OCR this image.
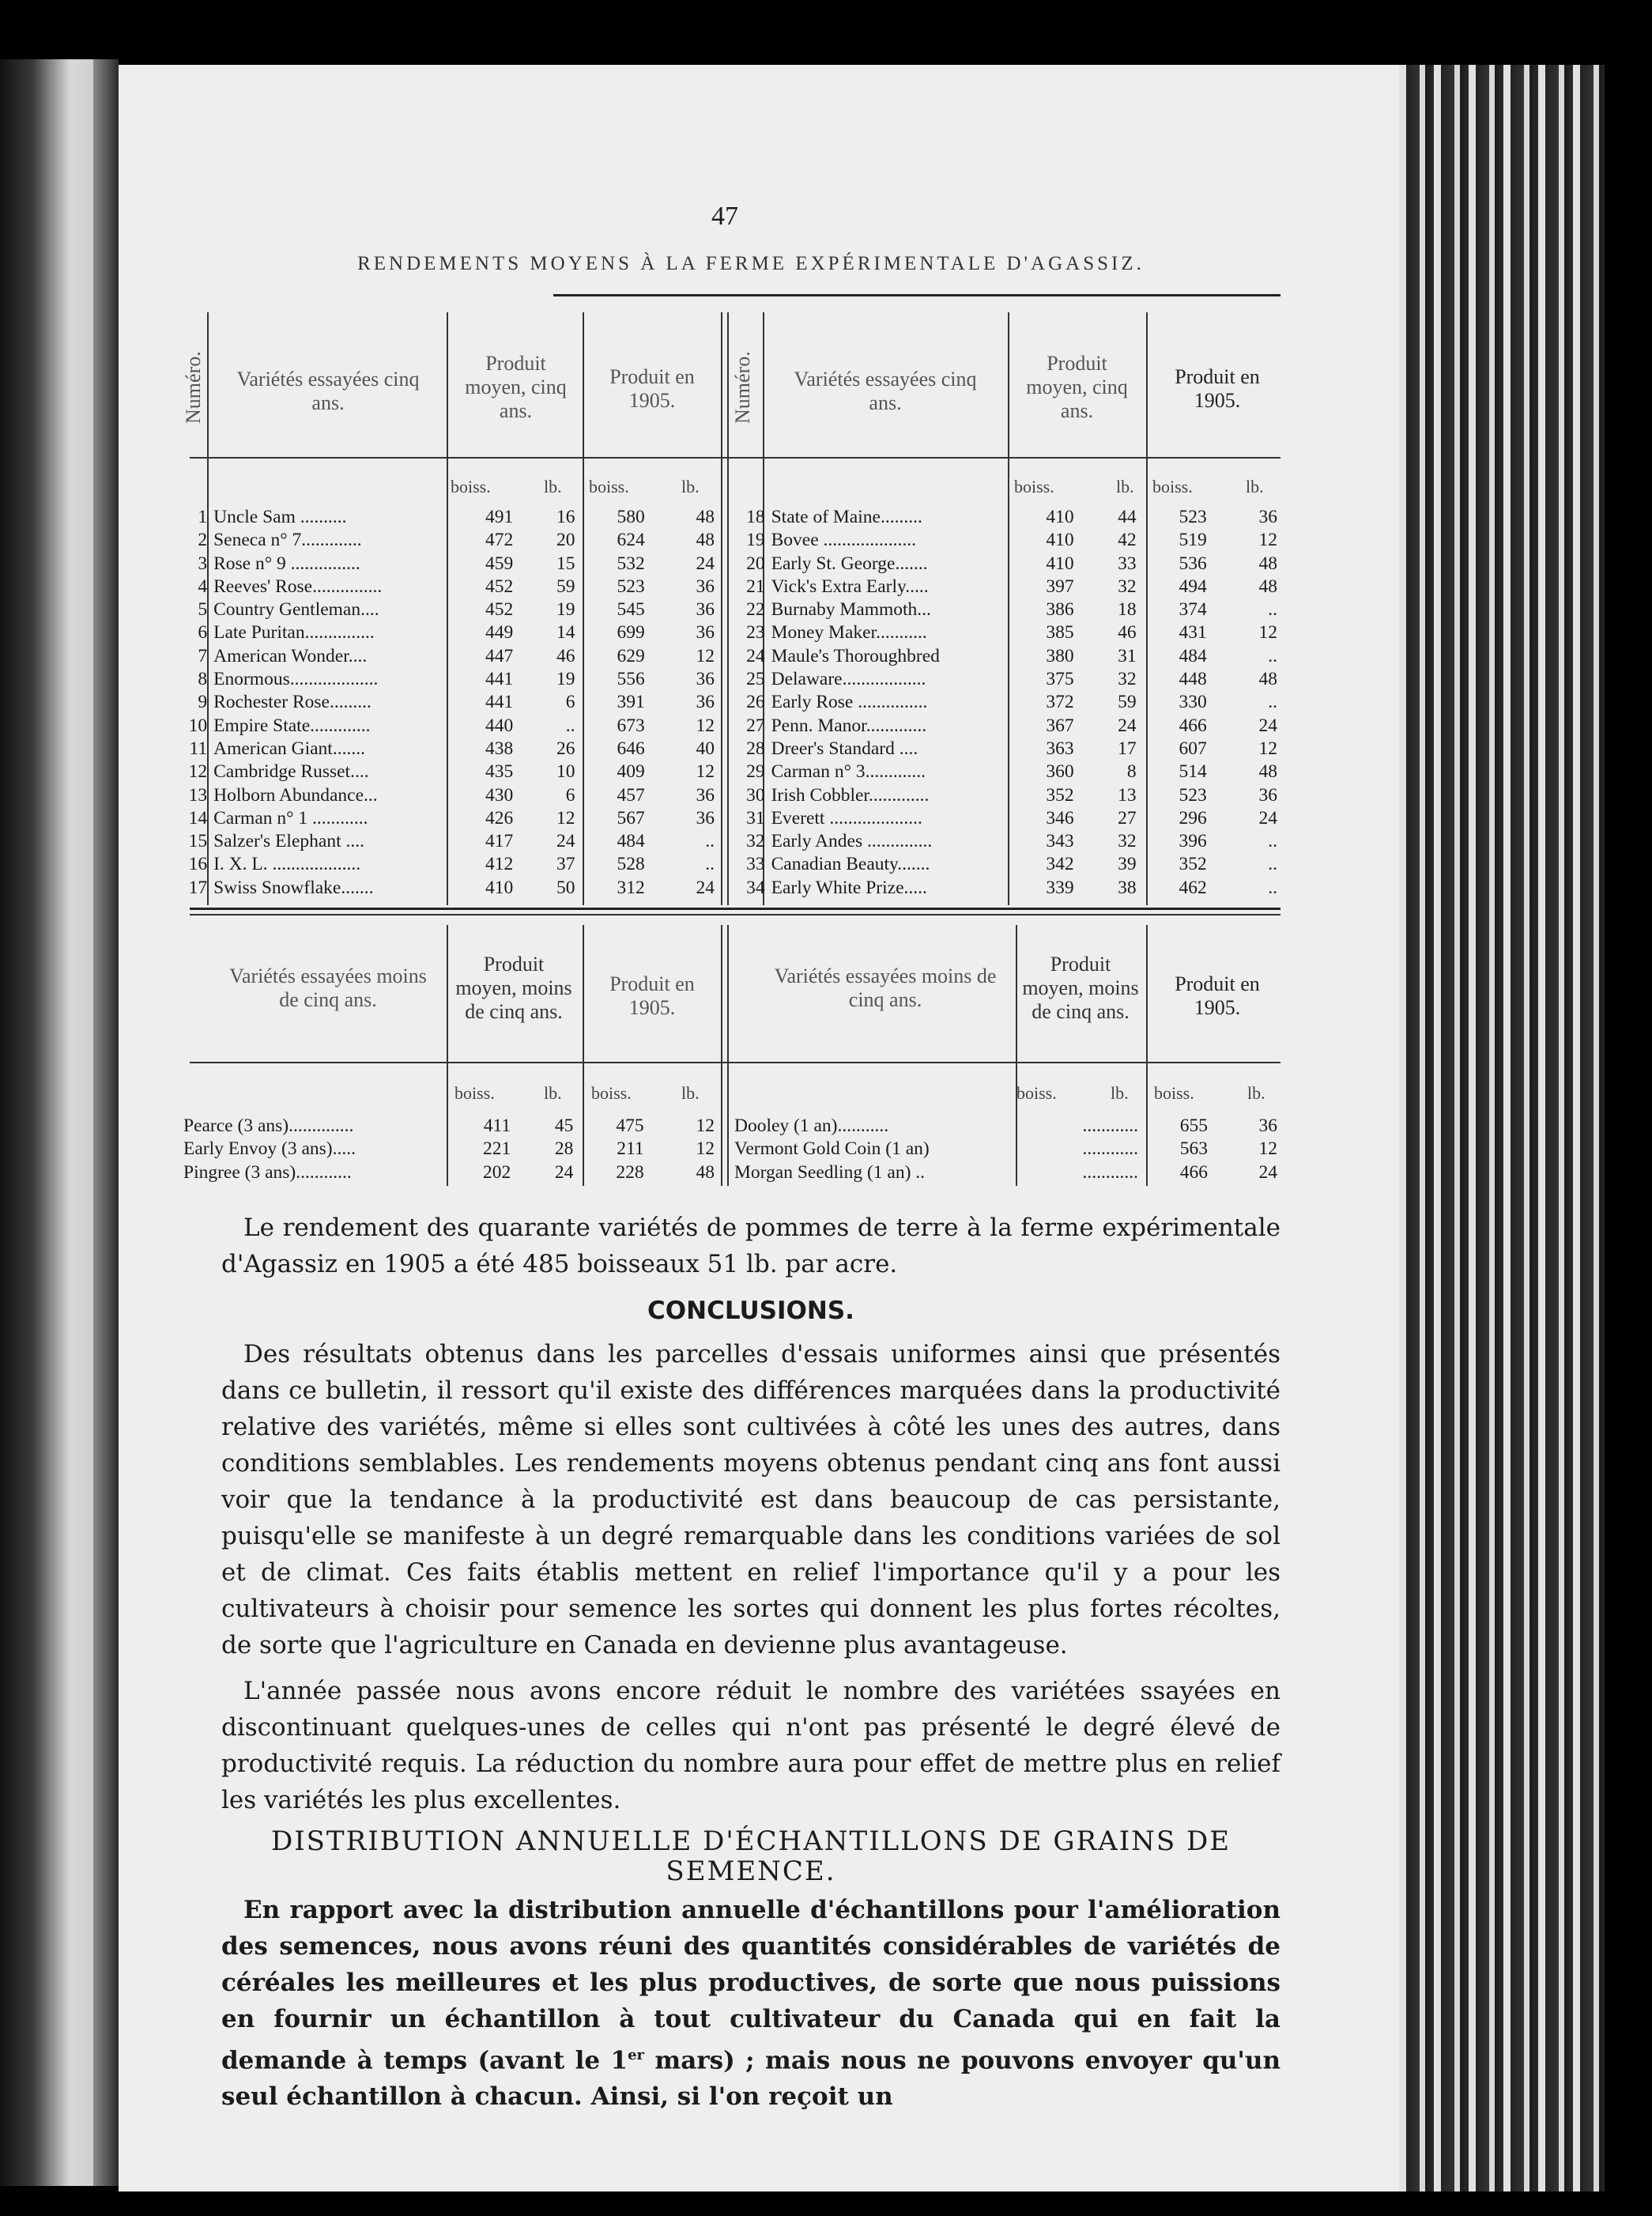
47
RENDEMENTS MOYENS À LA FERME EXPÉRIMENTALE D'AGASSIZ.
Numéro.	Variétés essayées cinq ans.
Produit moyen, cinq ans.
Produit en 1905.	Numéro.	Variétés essayées cinq ans.
Produit moyen, cinq ans.
Produit en 1905.
boiss.	lb. boiss.	lb.	boiss.	lb. boiss.	lb.
1	Uncle Sam ..........	491	16	580	48
2	Seneca n° 7.............	472	20	624	48
3	Rose n° 9 ...............	459	15	532	24
4	Reeves' Rose...............	452	59	523	36
5	Country Gentleman....	452	19	545	36
6	Late Puritan...............	449	14	699	36
7	American Wonder....	447	46	629	12
8	Enormous...................	441	19	556	36
9	Rochester Rose.........	441	6	391	36
10	Empire State.............	440	..	673	12
11	American Giant.......	438	26	646	40
12	Cambridge Russet....	435	10	409	12
13	Holborn Abundance...	430	6	457	36
14	Carman n° 1 ............	426	12	567	36
15	Salzer's Elephant ....	417	24	484	..
16	I. X. L. ...................	412	37	528	..
17	Swiss Snowflake.......	410	50	312	24
18	State of Maine.........	410	44	523	36
19	Bovee ....................	410	42	519	12
20	Early St. George.......	410	33	536	48
21	Vick's Extra Early.....	397	32	494	48
22	Burnaby Mammoth...	386	18	374	..
23	Money Maker...........	385	46	431	12
24	Maule's Thoroughbred	380	31	484	..
25	Delaware..................	375	32	448	48
26	Early Rose ...............	372	59	330	..
27	Penn. Manor.............	367	24	466	24
28	Dreer's Standard ....	363	17	607	12
29	Carman n° 3.............	360	8	514	48
30	Irish Cobbler.............	352	13	523	36
31	Everett ....................	346	27	296	24
32	Early Andes ..............	343	32	396	..
33	Canadian Beauty.......	342	39	352	..
34	Early White Prize.....	339	38	462	..
Variétés essayées moins de cinq ans.
Produit moyen, moins de cinq ans.
Produit en 1905.
Variétés essayées moins de cinq ans.
Produit moyen, moins de cinq ans.
Produit en 1905.
boiss.	lb. boiss.	lb.	boiss.	lb. boiss.	lb.
Pearce (3 ans)..............	411	45	475	12
Early Envoy (3 ans).....	221	28	211	12
Pingree (3 ans)............	202	24	228	48
Dooley (1 an)...........	............	655	36
Vermont Gold Coin (1 an)	............	563	12
Morgan Seedling (1 an) ..	............	466	24
Le rendement des quarante variétés de pommes de terre à la ferme expérimentale d'Agassiz en 1905 a été 485 boisseaux 51 lb. par acre.
CONCLUSIONS.
Des résultats obtenus dans les parcelles d'essais uniformes ainsi que présentés dans ce bulletin, il ressort qu'il existe des différences marquées dans la productivité relative des variétés, même si elles sont cultivées à côté les unes des autres, dans conditions semblables. Les rendements moyens obtenus pendant cinq ans font aussi voir que la tendance à la productivité est dans beaucoup de cas persistante, puisqu'elle se manifeste à un degré remarquable dans les conditions variées de sol et de climat. Ces faits établis mettent en relief l'importance qu'il y a pour les cultivateurs à choisir pour semence les sortes qui donnent les plus fortes récoltes, de sorte que l'agriculture en Canada en devienne plus avantageuse.
L'année passée nous avons encore réduit le nombre des variétées ssayées en discontinuant quelques-unes de celles qui n'ont pas présenté le degré élevé de productivité requis. La réduction du nombre aura pour effet de mettre plus en relief les variétés les plus excellentes.
DISTRIBUTION ANNUELLE D'ÉCHANTILLONS DE GRAINS DE
SEMENCE.
En rapport avec la distribution annuelle d'échantillons pour l'amélioration des semences, nous avons réuni des quantités considérables de variétés de céréales les meilleures et les plus productives, de sorte que nous puissions en fournir un échantillon à tout cultivateur du Canada qui en fait la demande à temps (avant le 1er mars) ; mais nous ne pouvons envoyer qu'un seul échantillon à chacun. Ainsi, si l'on reçoit un
